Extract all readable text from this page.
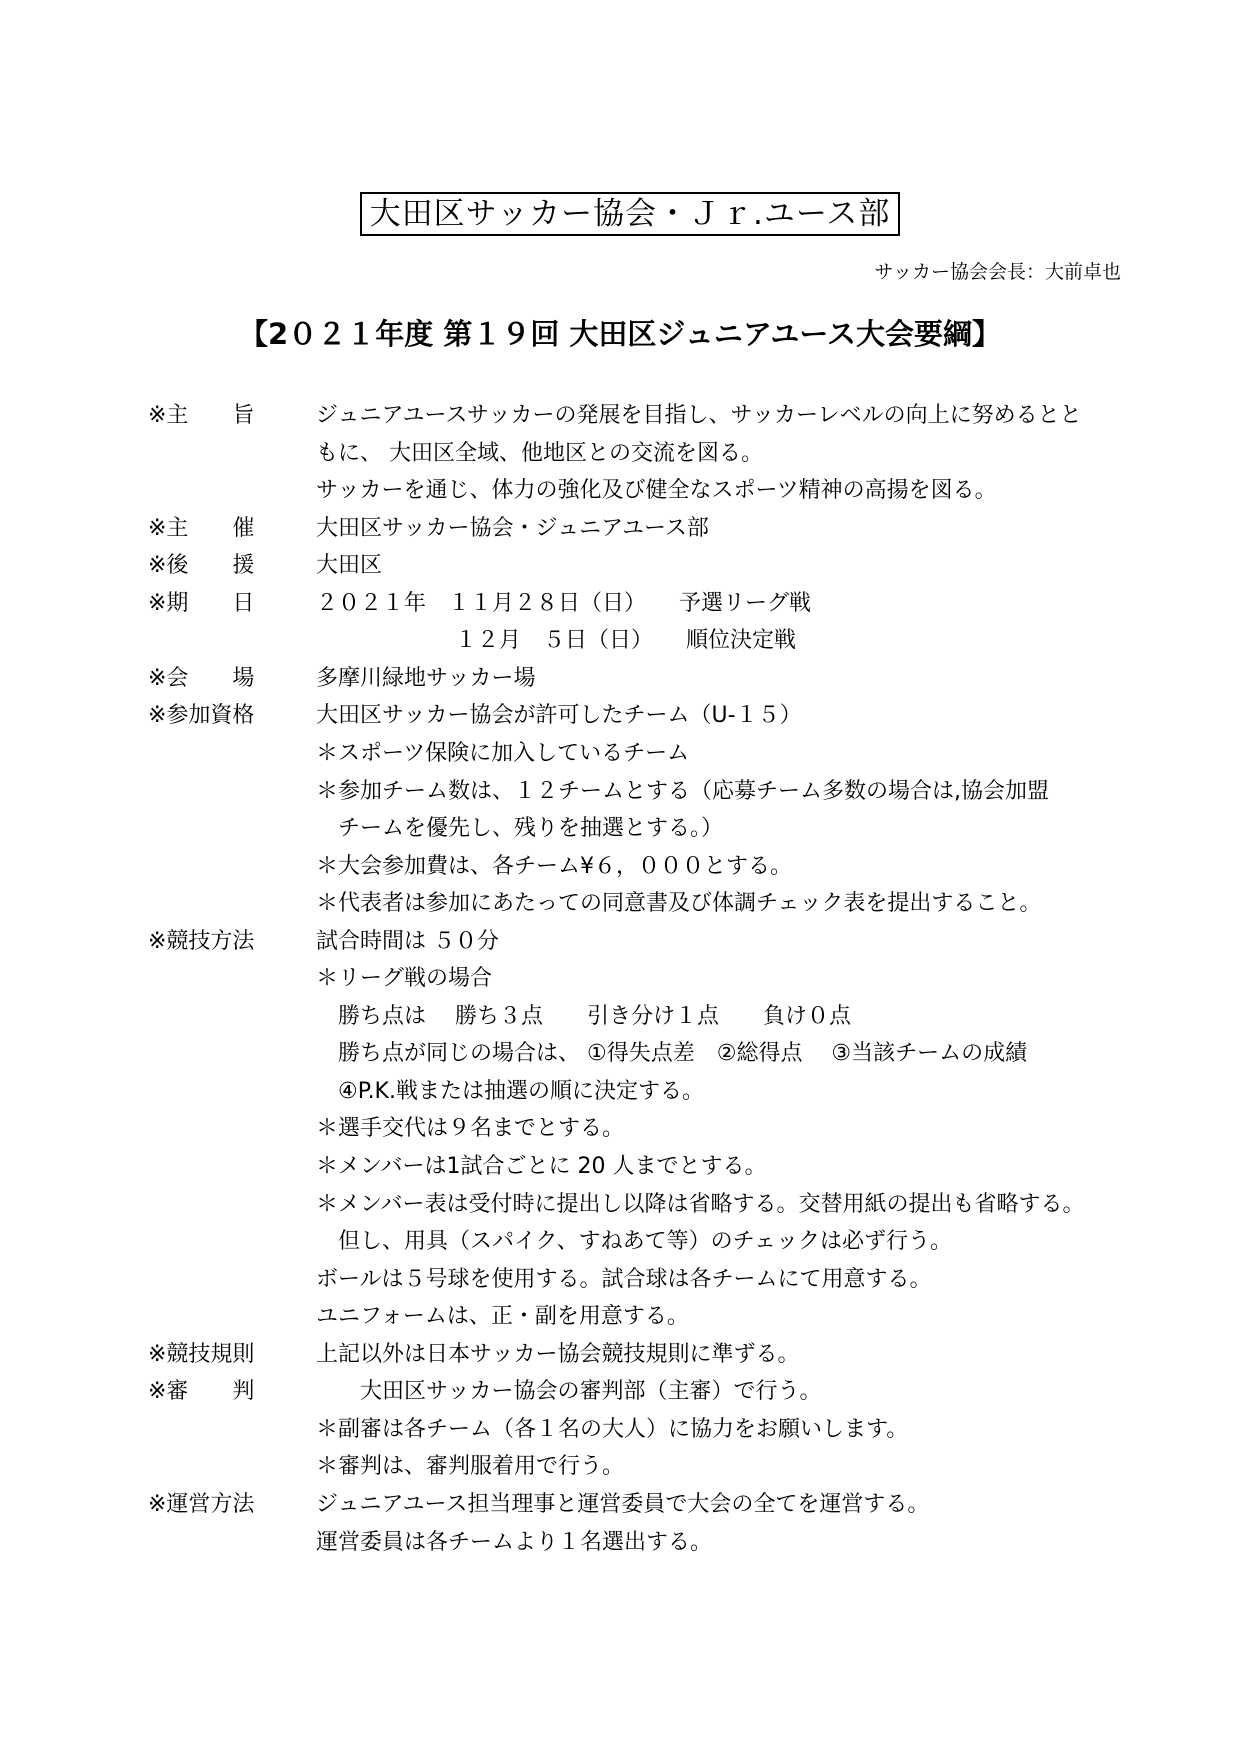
大田区サッカー協会・Ｊｒ.ユース部
サッカー協会会長：大前卓也
【2０２１年度 第１９回 大田区ジュニアユース大会要綱】
※主　　旨	ジュニアユースサッカーの発展を目指し、サッカーレベルの向上に努めるとと
もに、 大田区全域、他地区との交流を図る。
サッカーを通じ、体力の強化及び健全なスポーツ精神の高揚を図る。
※主　　催	大田区サッカー協会・ジュニアユース部
※後　　援	大田区
※期　　日	２０２１年　１１月２８日（日）　　予選リーグ戦
　　　　　　 １２月　５日（日）　　順位決定戦
※会　　場	多摩川緑地サッカー場
※参加資格	大田区サッカー協会が許可したチーム（U-１５）
＊スポーツ保険に加入しているチーム
＊参加チーム数は、１２チームとする（応募チーム多数の場合は,協会加盟
　チームを優先し、残りを抽選とする。）
＊大会参加費は、各チーム¥６，０００とする。
＊代表者は参加にあたっての同意書及び体調チェック表を提出すること。
※競技方法	試合時間は ５０分
＊リーグ戦の場合
　勝ち点は　 勝ち３点　　引き分け１点　　負け０点
　勝ち点が同じの場合は、 ①得失点差　②総得点　 ③当該チームの成績
　④P.K.戦または抽選の順に決定する。
＊選手交代は９名までとする。
＊メンバーは1試合ごとに 20 人までとする。
＊メンバー表は受付時に提出し以降は省略する。交替用紙の提出も省略する。
　但し、用具（スパイク、すねあて等）のチェックは必ず行う。
ボールは５号球を使用する。試合球は各チームにて用意する。
ユニフォームは、正・副を用意する。
※競技規則	上記以外は日本サッカー協会競技規則に準ずる。
※審　　判	　　大田区サッカー協会の審判部（主審）で行う。
＊副審は各チーム（各１名の大人）に協力をお願いします。
＊審判は、審判服着用で行う。
※運営方法	ジュニアユース担当理事と運営委員で大会の全てを運営する。
運営委員は各チームより１名選出する。
